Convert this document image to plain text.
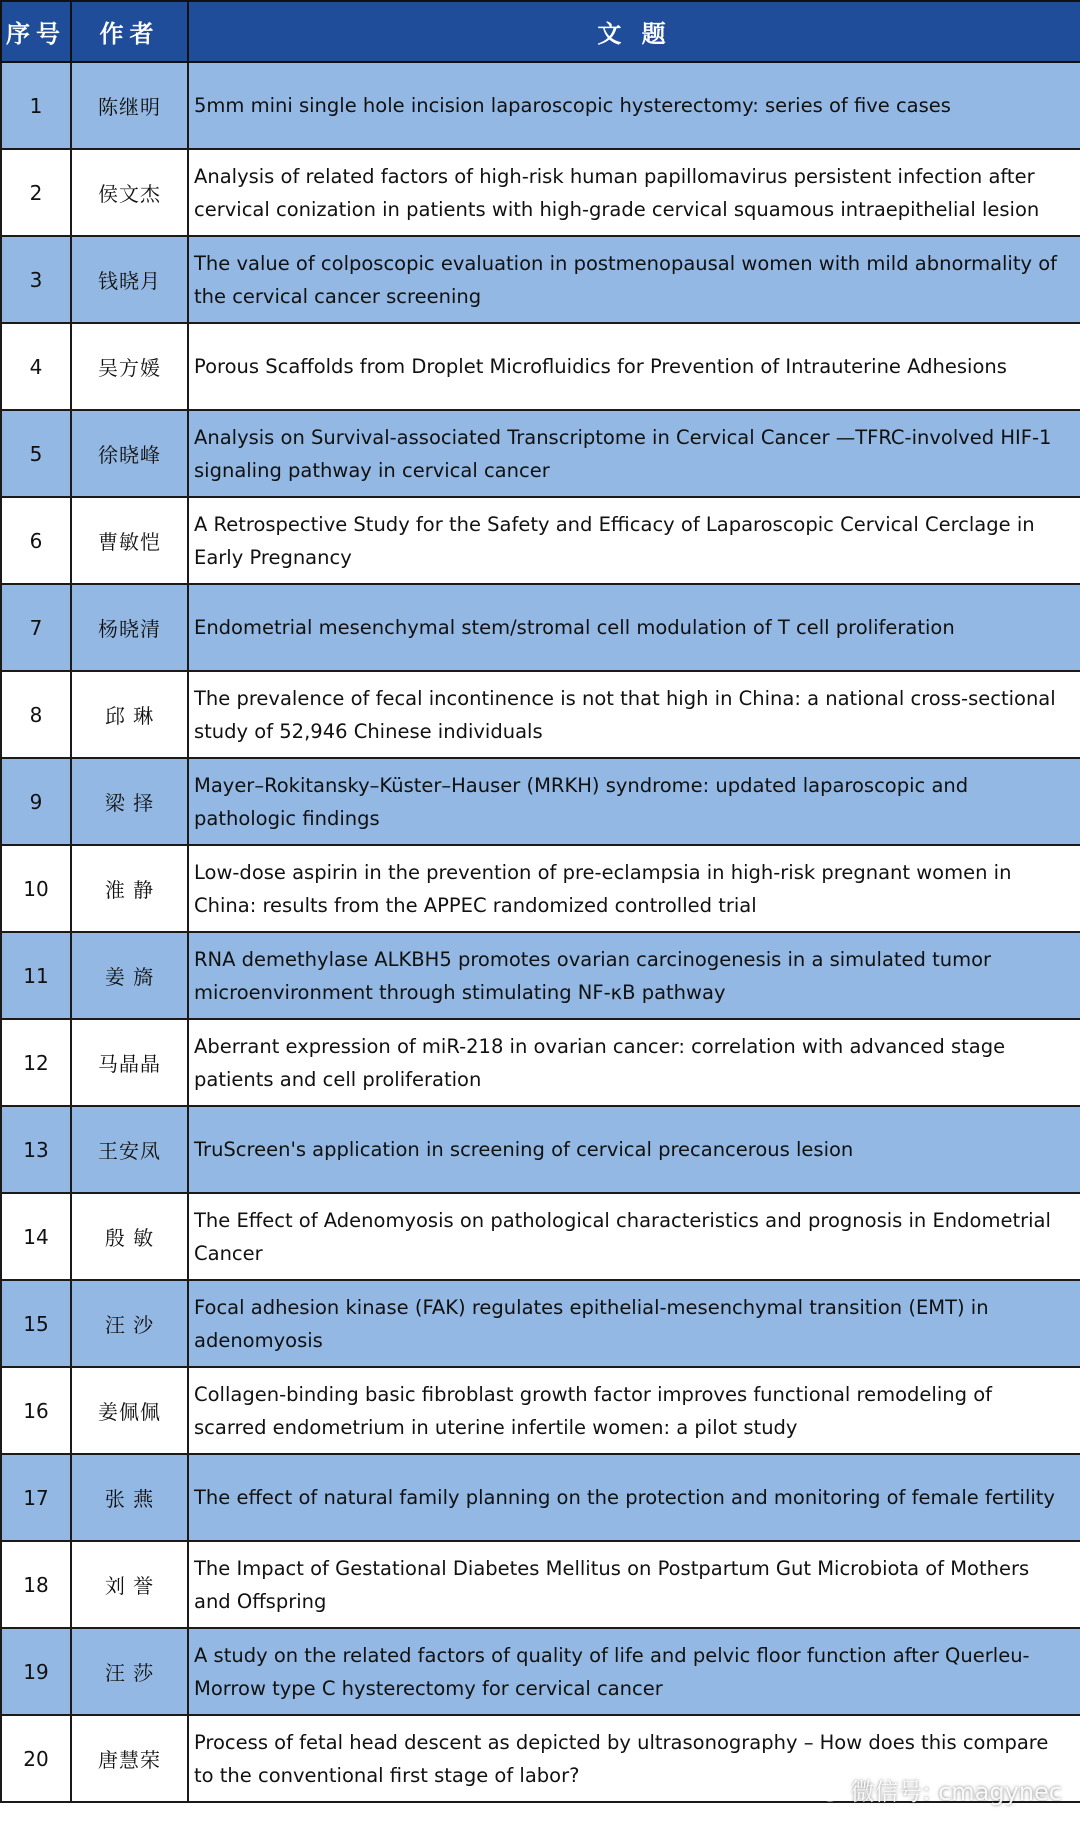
序号	作者	文 题
1	陈继明	5mm mini single hole incision laparoscopic hysterectomy: series of five cases
2	侯文杰	Analysis of related factors of high-risk human papillomavirus persistent infection after cervical conization in patients with high-grade cervical squamous intraepithelial lesion
3	钱晓月	The value of colposcopic evaluation in postmenopausal women with mild abnormality of the cervical cancer screening
4	吴方媛	Porous Scaffolds from Droplet Microfluidics for Prevention of Intrauterine Adhesions
5	徐晓峰	Analysis on Survival-associated Transcriptome in Cervical Cancer —TFRC-involved HIF-1 signaling pathway in cervical cancer
6	曹敏恺	A Retrospective Study for the Safety and Efficacy of Laparoscopic Cervical Cerclage in Early Pregnancy
7	杨晓清	Endometrial mesenchymal stem/stromal cell modulation of T cell proliferation
8	邱 琳	The prevalence of fecal incontinence is not that high in China: a national cross-sectional study of 52,946 Chinese individuals
9	梁 择	Mayer–Rokitansky–Küster–Hauser (MRKH) syndrome: updated laparoscopic and pathologic findings
10	淮 静	Low-dose aspirin in the prevention of pre-eclampsia in high-risk pregnant women in China: results from the APPEC randomized controlled trial
11	姜 旖	RNA demethylase ALKBH5 promotes ovarian carcinogenesis in a simulated tumor microenvironment through stimulating NF-κB pathway
12	马晶晶	Aberrant expression of miR-218 in ovarian cancer: correlation with advanced stage patients and cell proliferation
13	王安凤	TruScreen's application in screening of cervical precancerous lesion
14	殷 敏	The Effect of Adenomyosis on pathological characteristics and prognosis in Endometrial Cancer
15	汪 沙	Focal adhesion kinase (FAK) regulates epithelial-mesenchymal transition (EMT) in adenomyosis
16	姜佩佩	Collagen-binding basic fibroblast growth factor improves functional remodeling of scarred endometrium in uterine infertile women: a pilot study
17	张 燕	The effect of natural family planning on the protection and monitoring of female fertility
18	刘 誉	The Impact of Gestational Diabetes Mellitus on Postpartum Gut Microbiota of Mothers and Offspring
19	汪 莎	A study on the related factors of quality of life and pelvic floor function after Querleu-Morrow type C hysterectomy for cervical cancer
20	唐慧荣	Process of fetal head descent as depicted by ultrasonography – How does this compare to the conventional first stage of labor?
微信号: cmagynec
